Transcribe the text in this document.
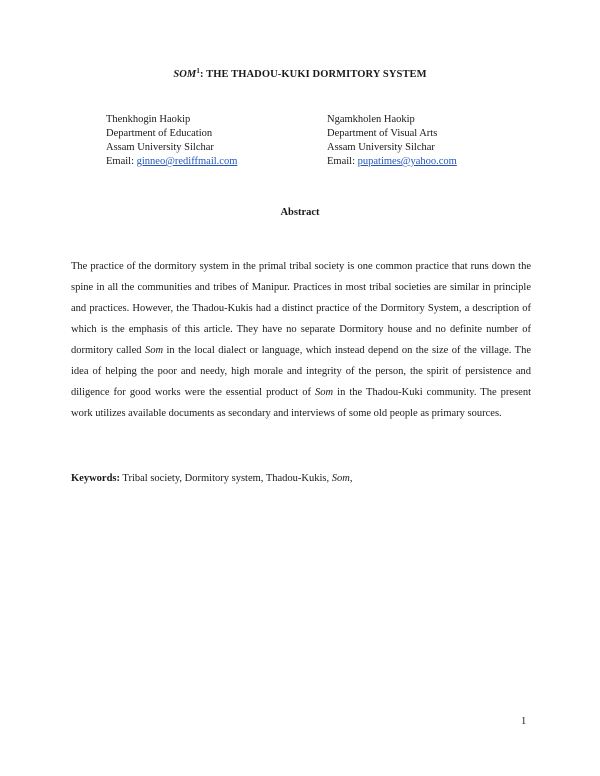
SOM$^1$: THE THADOU-KUKI DORMITORY SYSTEM
Thenkhogin Haokip
Department of Education
Assam University Silchar
Email: ginneo@rediffmail.com
Ngamkholen Haokip
Department of Visual Arts
Assam University Silchar
Email: pupatimes@yahoo.com
Abstract
The practice of the dormitory system in the primal tribal society is one common practice that runs down the spine in all the communities and tribes of Manipur. Practices in most tribal societies are similar in principle and practices. However, the Thadou-Kukis had a distinct practice of the Dormitory System, a description of which is the emphasis of this article. They have no separate Dormitory house and no definite number of dormitory called Som in the local dialect or language, which instead depend on the size of the village. The idea of helping the poor and needy, high morale and integrity of the person, the spirit of persistence and diligence for good works were the essential product of Som in the Thadou-Kuki community. The present work utilizes available documents as secondary and interviews of some old people as primary sources.
Keywords: Tribal society, Dormitory system, Thadou-Kukis, Som,
1
